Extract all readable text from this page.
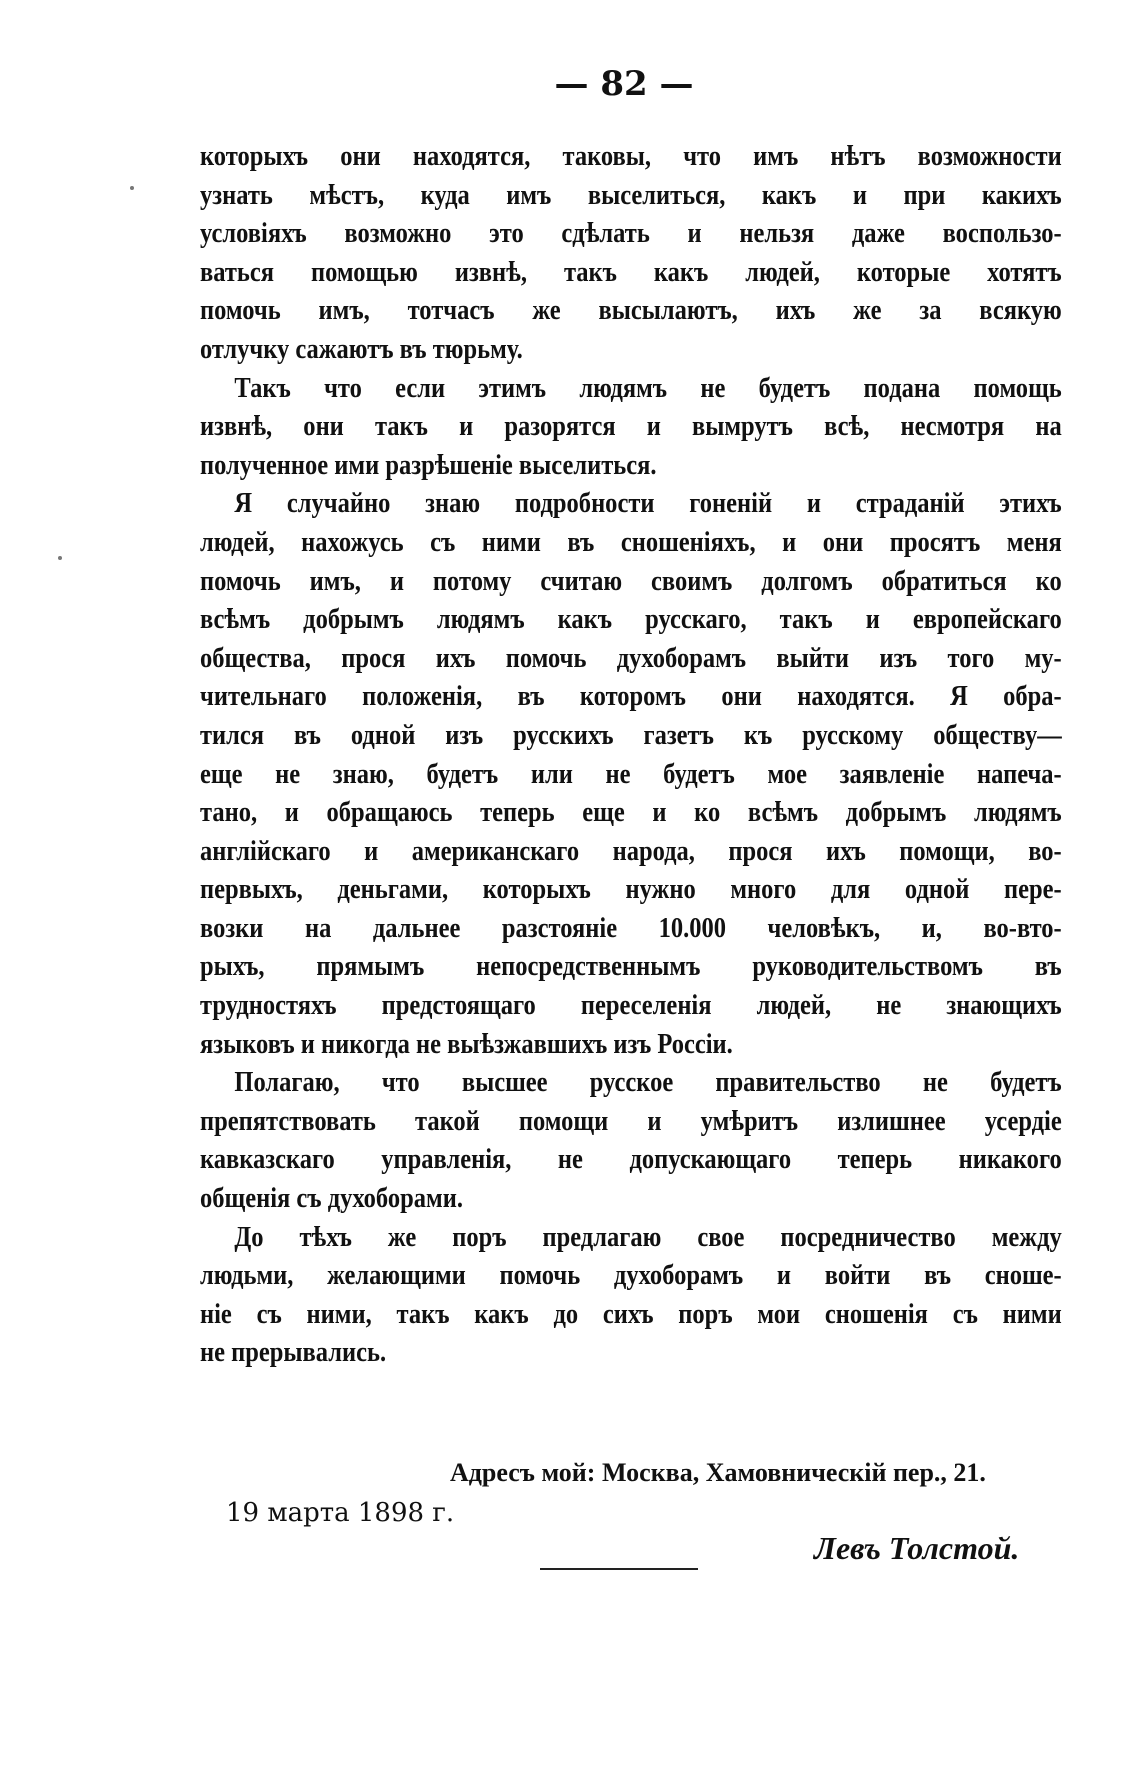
— 82 —
которыхъ они находятся, таковы, что имъ нѣтъ возможности
узнать мѣстъ, куда имъ выселиться, какъ и при какихъ
условіяхъ возможно это сдѣлать и нельзя даже воспользо-
ваться помощью извнѣ, такъ какъ людей, которые хотятъ
помочь имъ, тотчасъ же высылаютъ, ихъ же за всякую
отлучку сажаютъ въ тюрьму.
Такъ что если этимъ людямъ не будетъ подана помощь
извнѣ, они такъ и разорятся и вымрутъ всѣ, несмотря на
полученное ими разрѣшеніе выселиться.
Я случайно знаю подробности гоненій и страданій этихъ
людей, нахожусь съ ними въ сношеніяхъ, и они просятъ меня
помочь имъ, и потому считаю своимъ долгомъ обратиться ко
всѣмъ добрымъ людямъ какъ русскаго, такъ и европейскаго
общества, прося ихъ помочь духоборамъ выйти изъ того му-
чительнаго положенія, въ которомъ они находятся. Я обра-
тился въ одной изъ русскихъ газетъ къ русскому обществу—
еще не знаю, будетъ или не будетъ мое заявленіе напеча-
тано, и обращаюсь теперь еще и ко всѣмъ добрымъ людямъ
англійскаго и американскаго народа, прося ихъ помощи, во-
первыхъ, деньгами, которыхъ нужно много для одной пере-
возки на дальнее разстояніе 10.000 человѣкъ, и, во-вто-
рыхъ, прямымъ непосредственнымъ руководительствомъ въ
трудностяхъ предстоящаго переселенія людей, не знающихъ
языковъ и никогда не выѣзжавшихъ изъ Россіи.
Полагаю, что высшее русское правительство не будетъ
препятствовать такой помощи и умѣритъ излишнее усердіе
кавказскаго управленія, не допускающаго теперь никакого
общенія съ духоборами.
До тѣхъ же поръ предлагаю свое посредничество между
людьми, желающими помочь духоборамъ и войти въ сноше-
ніе съ ними, такъ какъ до сихъ поръ мои сношенія съ ними
не прерывались.
Адресъ мой: Москва, Хамовническій пер., 21.
19 марта 1898 г.
Левъ Толстой.
